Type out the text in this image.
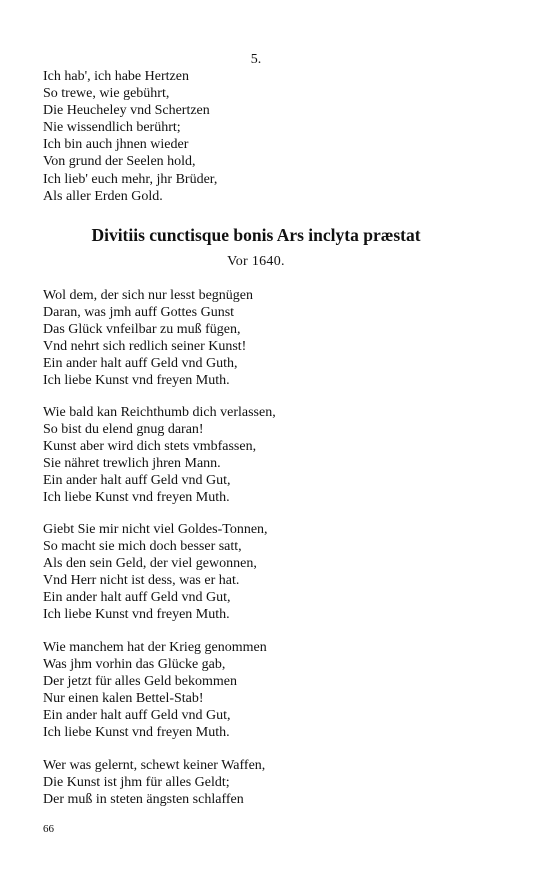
5.
Ich hab', ich habe Hertzen
So trewe, wie gebührt,
Die Heucheley vnd Schertzen
Nie wissendlich berührt;
Ich bin auch jhnen wieder
Von grund der Seelen hold,
Ich lieb' euch mehr, jhr Brüder,
Als aller Erden Gold.
Divitiis cunctisque bonis Ars inclyta præstat
Vor 1640.
Wol dem, der sich nur lesst begnügen
Daran, was jmh auff Gottes Gunst
Das Glück vnfeilbar zu muß fügen,
Vnd nehrt sich redlich seiner Kunst!
Ein ander halt auff Geld vnd Guth,
Ich liebe Kunst vnd freyen Muth.
Wie bald kan Reichthumb dich verlassen,
So bist du elend gnug daran!
Kunst aber wird dich stets vmbfassen,
Sie nähret trewlich jhren Mann.
Ein ander halt auff Geld vnd Gut,
Ich liebe Kunst vnd freyen Muth.
Giebt Sie mir nicht viel Goldes-Tonnen,
So macht sie mich doch besser satt,
Als den sein Geld, der viel gewonnen,
Vnd Herr nicht ist dess, was er hat.
Ein ander halt auff Geld vnd Gut,
Ich liebe Kunst vnd freyen Muth.
Wie manchem hat der Krieg genommen
Was jhm vorhin das Glücke gab,
Der jetzt für alles Geld bekommen
Nur einen kalen Bettel-Stab!
Ein ander halt auff Geld vnd Gut,
Ich liebe Kunst vnd freyen Muth.
Wer was gelernt, schewt keiner Waffen,
Die Kunst ist jhm für alles Geldt;
Der muß in steten ängsten schlaffen
66
